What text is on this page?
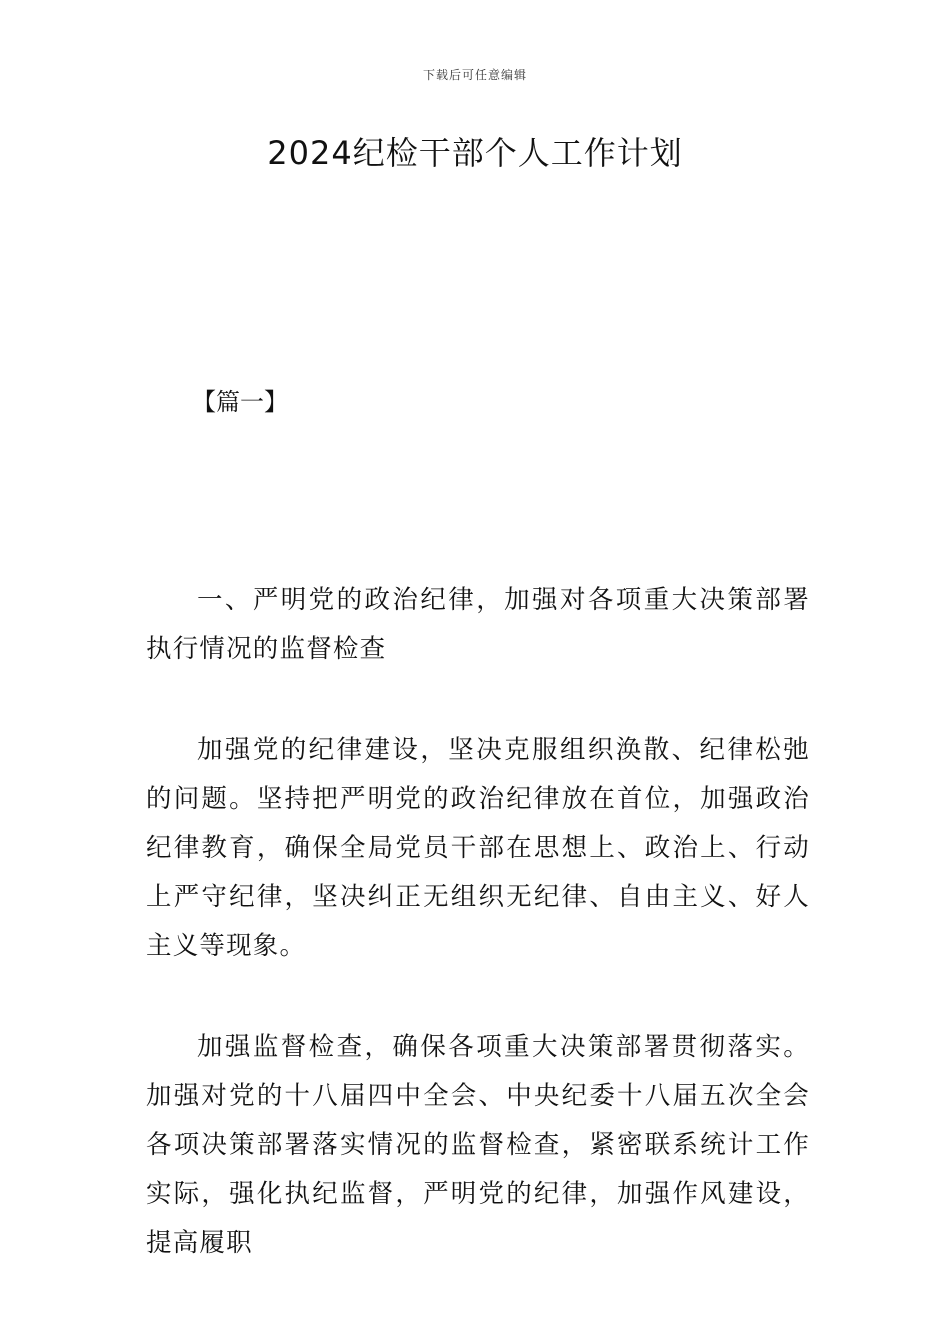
下载后可任意编辑
2024纪检干部个人工作计划
【篇一】

一、严明党的政治纪律，加强对各项重大决策部署执行情况的监督检查

加强党的纪律建设，坚决克服组织涣散、纪律松弛的问题。坚持把严明党的政治纪律放在首位，加强政治纪律教育，确保全局党员干部在思想上、政治上、行动上严守纪律，坚决纠正无组织无纪律、自由主义、好人主义等现象。

加强监督检查，确保各项重大决策部署贯彻落实。加强对党的十八届四中全会、中央纪委十八届五次全会各项决策部署落实情况的监督检查，紧密联系统计工作实际，强化执纪监督，严明党的纪律，加强作风建设，提高履职
